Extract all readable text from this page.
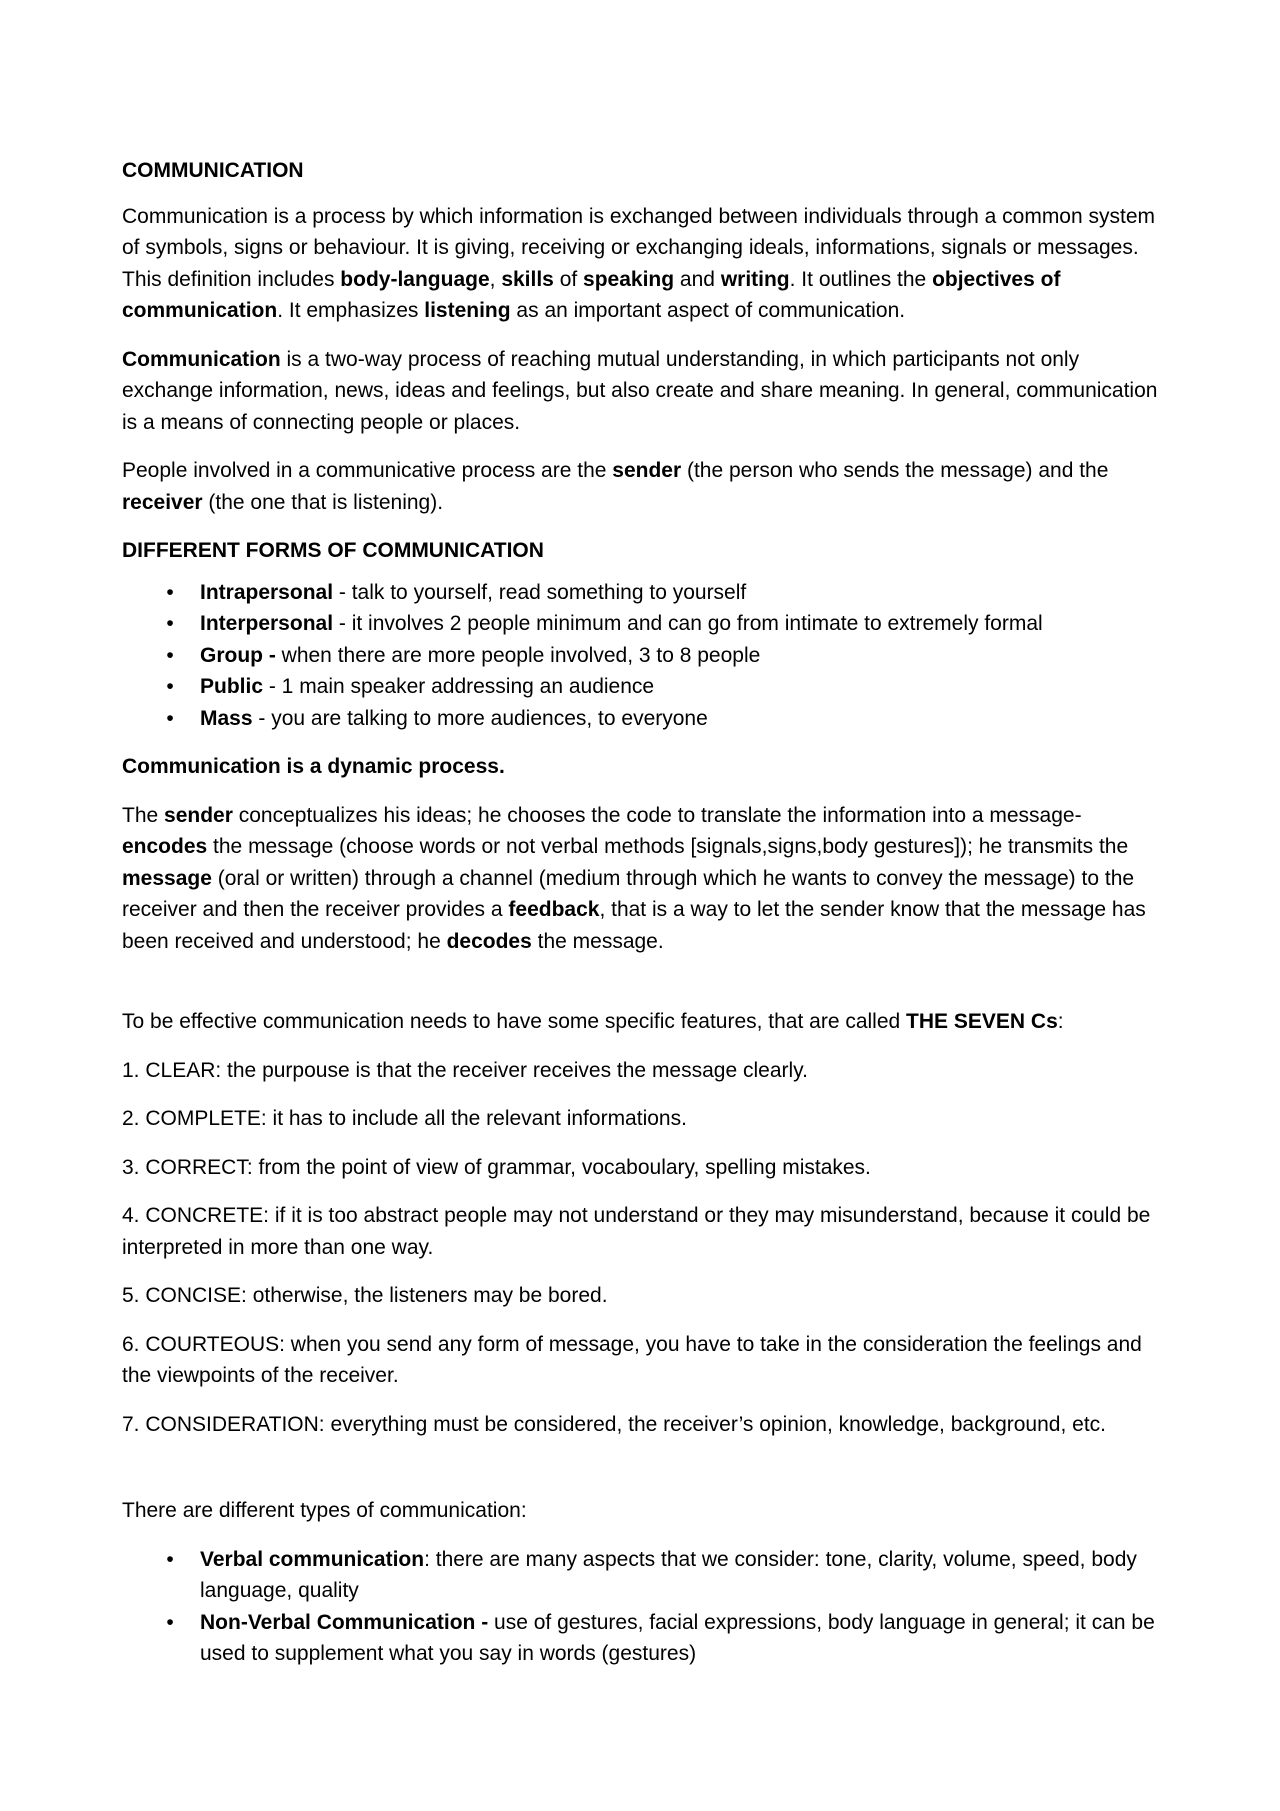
COMMUNICATION

Communication is a process by which information is exchanged between individuals through a common system of symbols, signs or behaviour. It is giving, receiving or exchanging ideals, informations, signals or messages. This definition includes body-language, skills of speaking and writing. It outlines the objectives of communication. It emphasizes listening as an important aspect of communication.

Communication is a two-way process of reaching mutual understanding, in which participants not only exchange information, news, ideas and feelings, but also create and share meaning. In general, communication is a means of connecting people or places.

People involved in a communicative process are the sender (the person who sends the message) and the receiver (the one that is listening).

DIFFERENT FORMS OF COMMUNICATION

• Intrapersonal - talk to yourself, read something to yourself
• Interpersonal - it involves 2 people minimum and can go from intimate to extremely formal
• Group - when there are more people involved, 3 to 8 people
• Public - 1 main speaker addressing an audience
• Mass - you are talking to more audiences, to everyone

Communication is a dynamic process.

The sender conceptualizes his ideas; he chooses the code to translate the information into a message- encodes the message (choose words or not verbal methods [signals,signs,body gestures]); he transmits the message (oral or written) through a channel (medium through which he wants to convey the message) to the receiver and then the receiver provides a feedback, that is a way to let the sender know that the message has been received and understood; he decodes the message.

To be effective communication needs to have some specific features, that are called THE SEVEN Cs:

1. CLEAR: the purpouse is that the receiver receives the message clearly.

2. COMPLETE: it has to include all the relevant informations.

3. CORRECT: from the point of view of grammar, vocaboulary, spelling mistakes.

4. CONCRETE: if it is too abstract people may not understand or they may misunderstand, because it could be interpreted in more than one way.

5. CONCISE: otherwise, the listeners may be bored.

6. COURTEOUS: when you send any form of message, you have to take in the consideration the feelings and the viewpoints of the receiver.

7. CONSIDERATION: everything must be considered, the receiver’s opinion, knowledge, background, etc.

There are different types of communication:

• Verbal communication: there are many aspects that we consider: tone, clarity, volume, speed, body language, quality
• Non-Verbal Communication - use of gestures, facial expressions, body language in general; it can be used to supplement what you say in words (gestures)
